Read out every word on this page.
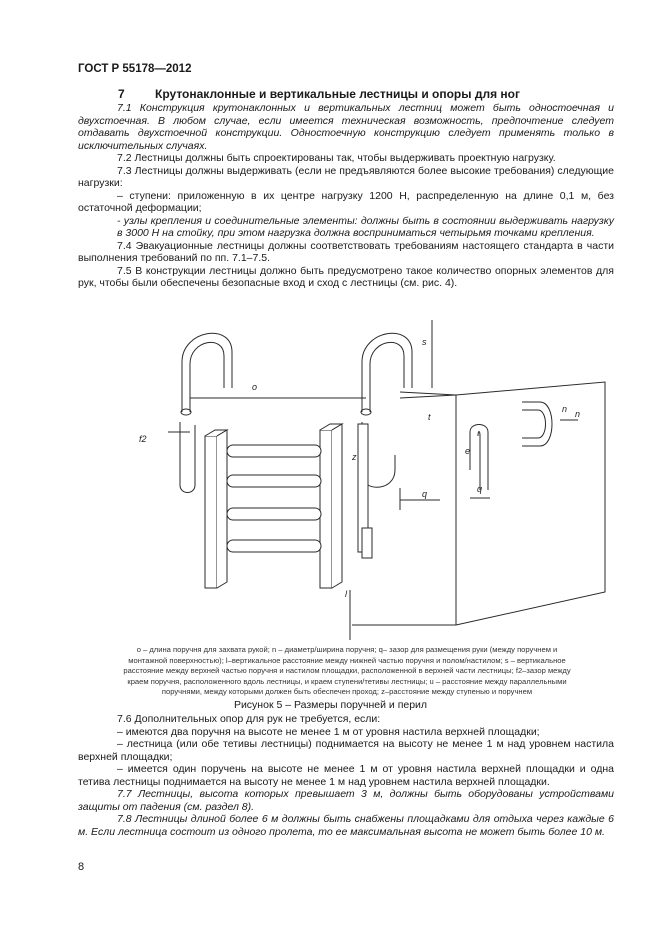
ГОСТ Р 55178—2012
7	Крутонаклонные и вертикальные лестницы и опоры для ног

7.1 Конструкция крутонаклонных и вертикальных лестниц может быть одностоечная и двухстоечная. В любом случае, если имеется техническая возможность, предпочтение следует отдавать двухстоечной конструкции. Одностоечную конструкцию следует применять только в исключительных случаях.

7.2 Лестницы должны быть спроектированы так, чтобы выдерживать проектную нагрузку.

7.3 Лестницы должны выдерживать (если не предъявляются более высокие требования) следующие нагрузки:

– ступени: приложенную в их центре нагрузку 1200 Н, распределенную на длине 0,1 м, без остаточной деформации;

- узлы крепления и соединительные элементы: должны быть в состоянии выдерживать нагрузку в 3000 Н на стойку, при этом нагрузка должна восприниматься четырьмя точками крепления.

7.4 Эвакуационные лестницы должны соответствовать требованиям настоящего стандарта в части выполнения требований по пп. 7.1–7.5.

7.5 В конструкции лестницы должно быть предусмотрено такое количество опорных элементов для рук, чтобы были обеспечены безопасные вход и сход с лестницы (см. рис. 4).

o
s
n
t
f2
q	q
e
n
z
l
o – длина поручня для захвата рукой; n – диаметр/ширина поручня; q– зазор для размещения руки (между поручнем и
монтажной поверхностью); l–вертикальное расстояние между нижней частью поручня и полом/настилом; s – вертикальное
расстояние между верхней частью поручня и настилом площадки, расположенной в верхней части лестницы; f2–зазор между
краем поручня, расположенного вдоль лестницы, и краем ступени/тетивы лестницы; u – расстояние между параллельными
поручнями, между которыми должен быть обеспечен проход; z–расстояние между ступенью и поручнем
Рисунок 5 – Размеры поручней и перил

7.6 Дополнительных опор для рук не требуется, если:

– имеются два поручня на высоте не менее 1 м от уровня настила верхней площадки;

– лестница (или обе тетивы лестницы) поднимается на высоту не менее 1 м над уровнем настила верхней площадки;

– имеется один поручень на высоте не менее 1 м от уровня настила верхней площадки и одна тетива лестницы поднимается на высоту не менее 1 м над уровнем настила верхней площадки.

7.7 Лестницы, высота которых превышает 3 м, должны быть оборудованы устройствами защиты от падения (см. раздел 8).

7.8 Лестницы длиной более 6 м должны быть снабжены площадками для отдыха через каждые 6 м. Если лестница состоит из одного пролета, то ее максимальная высота не может быть более 10 м.

8
